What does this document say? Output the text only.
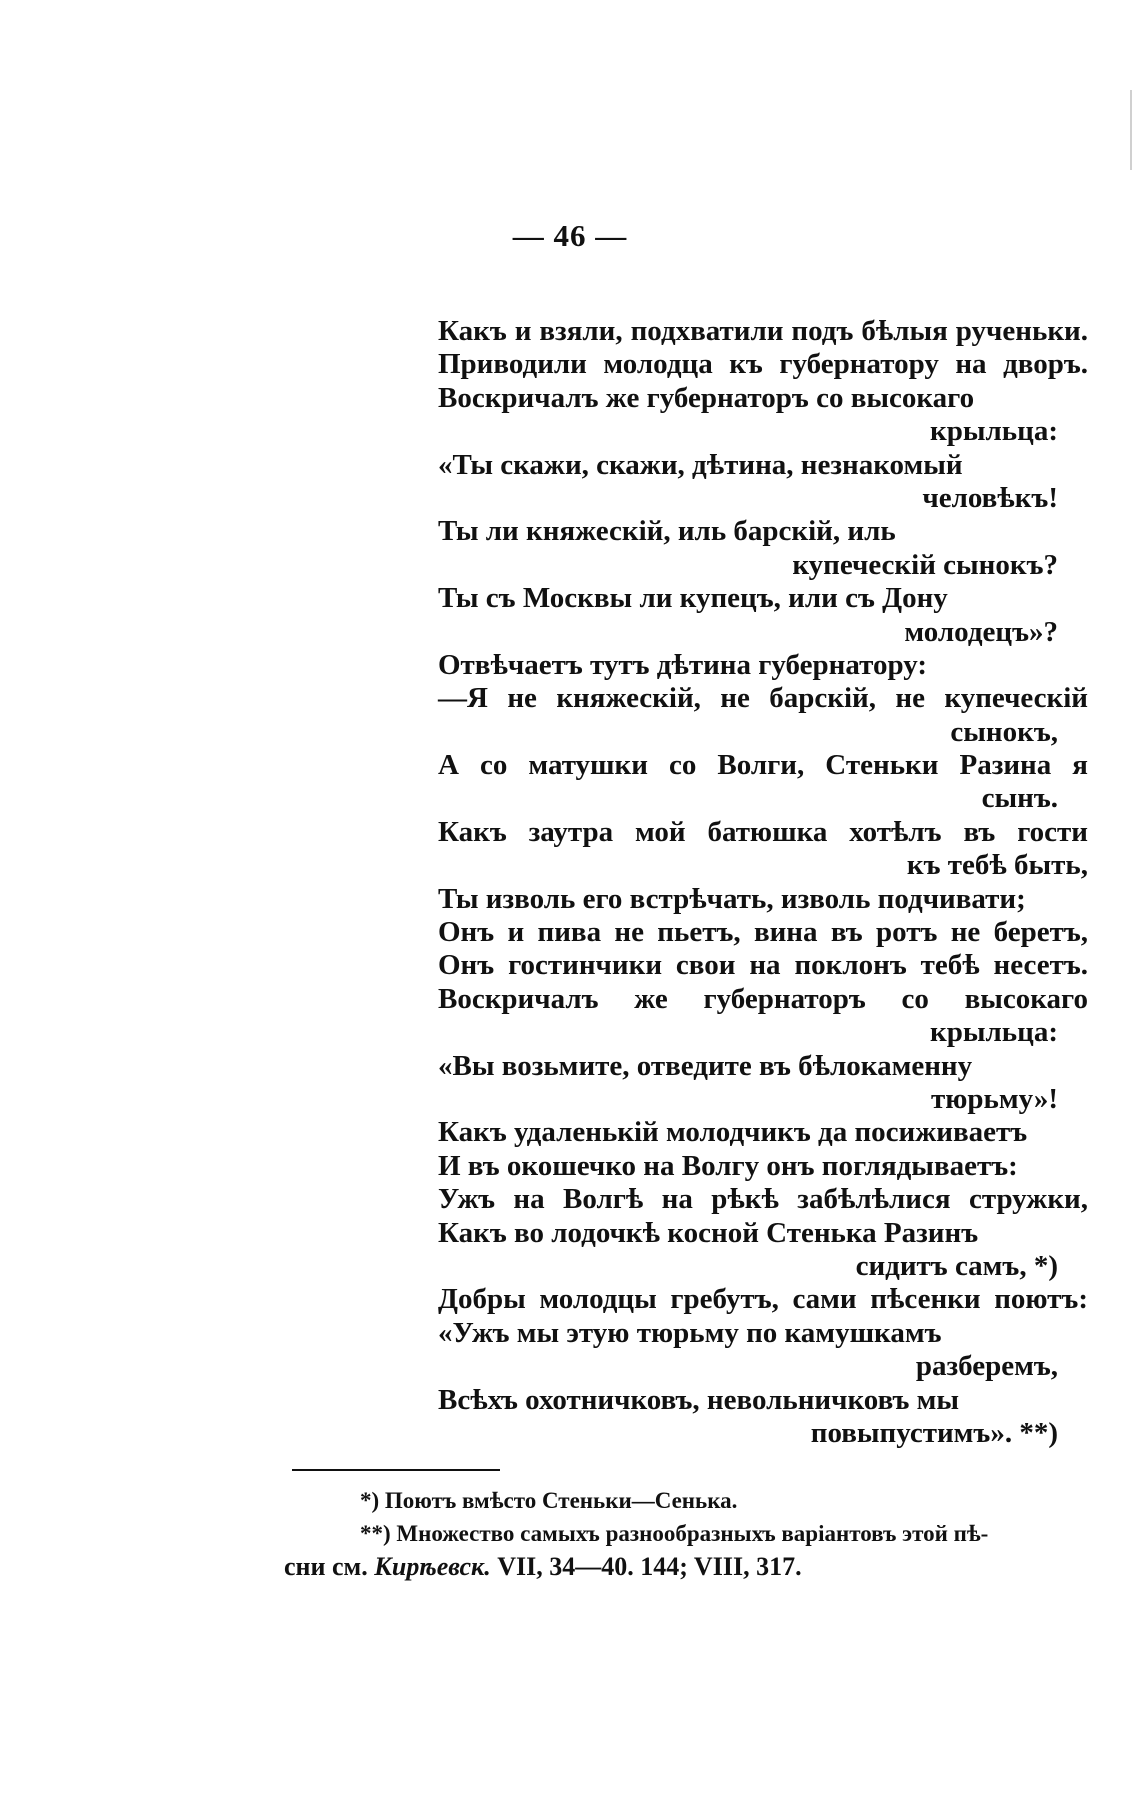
— 46 —
Какъ и взяли, подхватили подъ бѣлыя рученьки.
Приводили молодца къ губернатору на дворъ.
Воскричалъ же губернаторъ со высокаго
крыльца:
«Ты скажи, скажи, дѣтина, незнакомый
человѣкъ!
Ты ли княжескій, иль барскій, иль
купеческій сынокъ?
Ты съ Москвы ли купецъ, или съ Дону
молодецъ»?
Отвѣчаетъ тутъ дѣтина губернатору:
—Я не княжескій, не барскій, не купеческій
сынокъ,
А со матушки со Волги, Стеньки Разина я
сынъ.
Какъ заутра мой батюшка хотѣлъ въ гости
къ тебѣ быть,
Ты изволь его встрѣчать, изволь подчивати;
Онъ и пива не пьетъ, вина въ ротъ не беретъ,
Онъ гостинчики свои на поклонъ тебѣ несетъ.
Воскричалъ же губернаторъ со высокаго
крыльца:
«Вы возьмите, отведите въ бѣлокаменну
тюрьму»!
Какъ удаленькій молодчикъ да посиживаетъ
И въ окошечко на Волгу онъ поглядываетъ:
Ужъ на Волгѣ на рѣкѣ забѣлѣлися стружки,
Какъ во лодочкѣ косной Стенька Разинъ
сидитъ самъ, *)
Добры молодцы гребутъ, сами пѣсенки поютъ:
«Ужъ мы этую тюрьму по камушкамъ
разберемъ,
Всѣхъ охотничковъ, невольничковъ мы
повыпустимъ». **)
*) Поютъ вмѣсто Стеньки—Сенька.
**) Множество самыхъ разнообразныхъ варіантовъ этой пѣ-
сни см. Кирѣевск. VII, 34—40. 144; VIII, 317.
